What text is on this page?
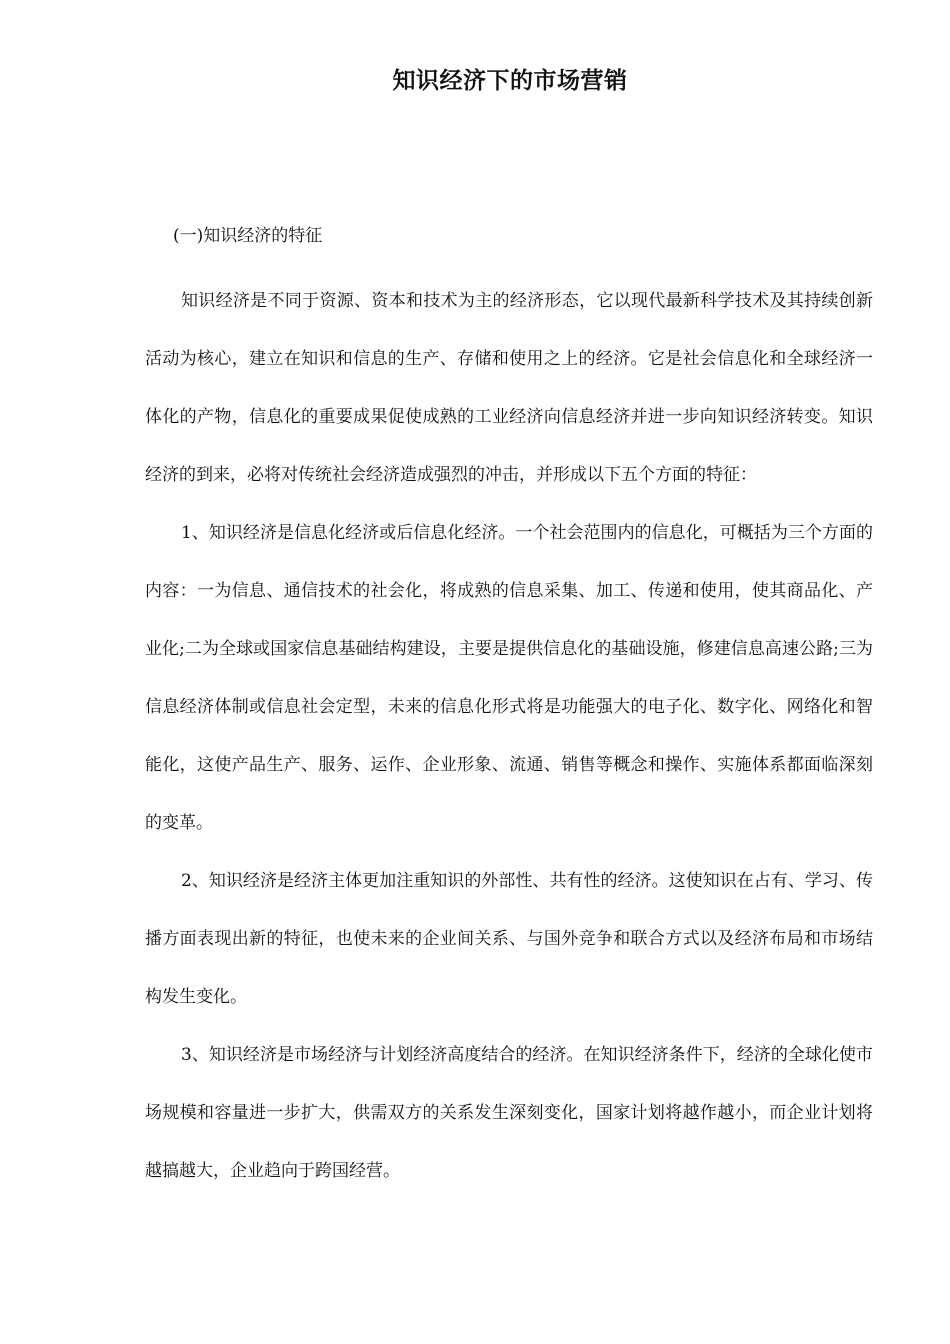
知识经济下的市场营销

(一)知识经济的特征

知识经济是不同于资源、资本和技术为主的经济形态，它以现代最新科学技术及其持续创新活动为核心，建立在知识和信息的生产、存储和使用之上的经济。它是社会信息化和全球经济一体化的产物，信息化的重要成果促使成熟的工业经济向信息经济并进一步向知识经济转变。知识经济的到来，必将对传统社会经济造成强烈的冲击，并形成以下五个方面的特征：

1、知识经济是信息化经济或后信息化经济。一个社会范围内的信息化，可概括为三个方面的内容：一为信息、通信技术的社会化，将成熟的信息采集、加工、传递和使用，使其商品化、产业化;二为全球或国家信息基础结构建设，主要是提供信息化的基础设施，修建信息高速公路;三为信息经济体制或信息社会定型，未来的信息化形式将是功能强大的电子化、数字化、网络化和智能化，这使产品生产、服务、运作、企业形象、流通、销售等概念和操作、实施体系都面临深刻的变革。

2、知识经济是经济主体更加注重知识的外部性、共有性的经济。这使知识在占有、学习、传播方面表现出新的特征，也使未来的企业间关系、与国外竞争和联合方式以及经济布局和市场结构发生变化。

3、知识经济是市场经济与计划经济高度结合的经济。在知识经济条件下，经济的全球化使市场规模和容量进一步扩大，供需双方的关系发生深刻变化，国家计划将越作越小，而企业计划将越搞越大，企业趋向于跨国经营。
